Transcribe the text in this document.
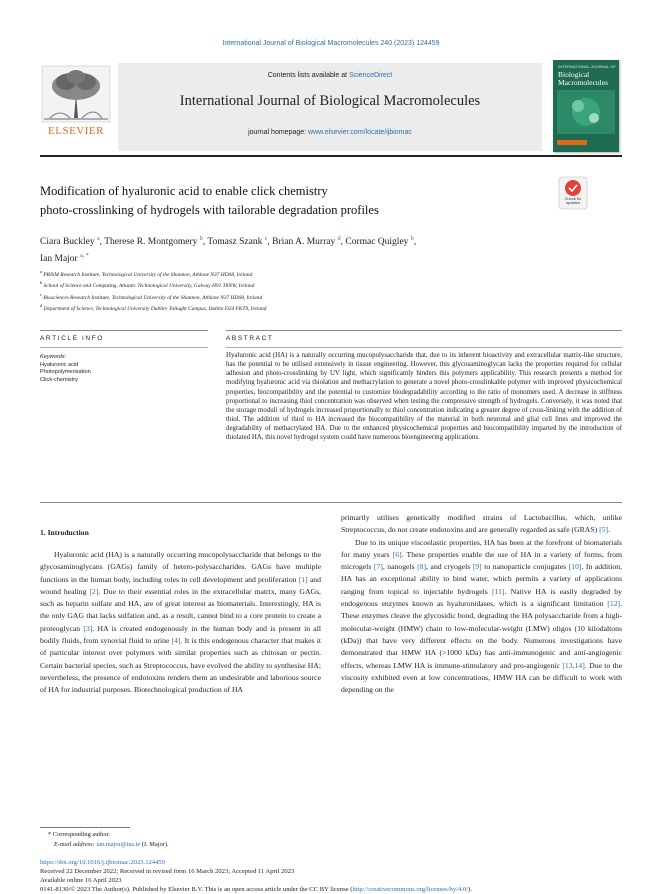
International Journal of Biological Macromolecules 240 (2023) 124459
ELSEVIER
Contents lists available at ScienceDirect
International Journal of Biological Macromolecules
journal homepage: www.elsevier.com/locate/ijbiomac
INTERNATIONAL JOURNAL OF
Biological Macromolecules
Modification of hyaluronic acid to enable click chemistry
photo-crosslinking of hydrogels with tailorable degradation profiles
Check for updates
Ciara Buckley $^a$, Therese R. Montgomery $^b$, Tomasz Szank $^c$, Brian A. Murray $^d$, Cormac Quigley $^b$,
Ian Major $^{a, *}$
$^a$ PRISM Research Institute, Technological University of the Shannon, Athlone N37 HD68, Ireland
$^b$ School of Science and Computing, Atlantic Technological University, Galway H91 T8NW, Ireland
$^c$ Biosciences Research Institute, Technological University of the Shannon, Athlone N37 HD68, Ireland
$^d$ Department of Science, Technological University Dublin- Tallaght Campus, Dublin D24 FKT9, Ireland
ARTICLE INFO	ABSTRACT
Keywords:
Hyaluronic acid
Photopolymerisation
Click-chemistry
Hyaluronic acid (HA) is a naturally occurring mucopolysaccharide that, due to its inherent bioactivity and extracellular matrix-like structure, has the potential to be utilised extensively in tissue engineering. However, this glycosaminoglycan lacks the properties required for cellular adhesion and photo-crosslinking by UV light, which significantly hinders this polymers applicability. This research presents a method for modifying hyaluronic acid via thiolation and methacrylation to generate a novel photo-crosslinkable polymer with improved physicochemical properties, biocompatibility and the potential to customize biodegradability according to the ratio of monomers used. A decrease in stiffness proportional to increasing thiol concentration was observed when testing the compressive strength of hydrogels. Conversely, it was noted that the storage moduli of hydrogels increased proportionally to thiol concentration indicating a greater degree of cross-linking with the addition of thiol. The addition of thiol to HA increased the biocompatibility of the material in both neuronal and glial cell lines and improved the degradability of methacrylated HA. Due to the enhanced physicochemical properties and biocompatibility imparted by the introduction of thiolated HA, this novel hydrogel system could have numerous bioengineering applications.
1. Introduction

Hyaluronic acid (HA) is a naturally occurring mucopolysaccharide that belongs to the glycosaminoglycans (GAGs) family of hetero-polysaccharides. GAGs have multiple functions in the human body, including roles in cell development and proliferation [1] and wound healing [2]. Due to their essential roles in the extracellular matrix, many GAGs, such as heparin sulfate and HA, are of great interest as biomaterials. Interestingly, HA is the only GAG that lacks sulfation and, as a result, cannot bind to a core protein to create a proteoglycan [3]. HA is created endogenously in the human body and is present in all bodily fluids, from synovial fluid to urine [4]. It is this endogenous character that makes it of particular interest over polymers with similar properties such as chitosan or pectin. Certain bacterial species, such as Streptococcus, have evolved the ability to synthesise HA; nevertheless, the presence of endotoxins renders them an undesirable and laborious source of HA for industrial purposes. Biotechnological production of HA

primarily utilises genetically modified strains of Lactobacillus, which, unlike Streptococcus, do not create endotoxins and are generally regarded as safe (GRAS) [5].

Due to its unique viscoelastic properties, HA has been at the forefront of biomaterials for many years [6]. These properties enable the use of HA in a variety of forms, from microgels [7], nanogels [8], and cryogels [9] to nanoparticle conjugates [10]. In addition, HA has an exceptional ability to bind water, which permits a variety of applications ranging from topical to injectable hydrogels [11]. Native HA is easily degraded by endogenous enzymes known as hyaluronidases, which is a significant limitation [12]. These enzymes cleave the glycosidic bond, degrading the HA polysaccharide from a high-molecular-weight (HMW) chain to low-molecular-weight (LMW) oligos (10 kilodaltons (kDa)) that have very different effects on the body. Numerous investigations have demonstrated that HMW HA (>1000 kDa) has anti-immunogenic and anti-angiogenic effects, whereas LMW HA is immune-stimulatory and pro-angiogenic [13,14]. Due to the viscosity exhibited even at low concentrations, HMW HA can be difficult to work with depending on the

* Corresponding author.
E-mail address: ian.major@tus.ie (I. Major).
https://doi.org/10.1016/j.ijbiomac.2023.124459
Received 22 December 2022; Received in revised form 16 March 2023; Accepted 11 April 2023
Available online 16 April 2023
0141-8130/© 2023 The Author(s). Published by Elsevier B.V. This is an open access article under the CC BY license (http://creativecommons.org/licenses/by/4.0/).
